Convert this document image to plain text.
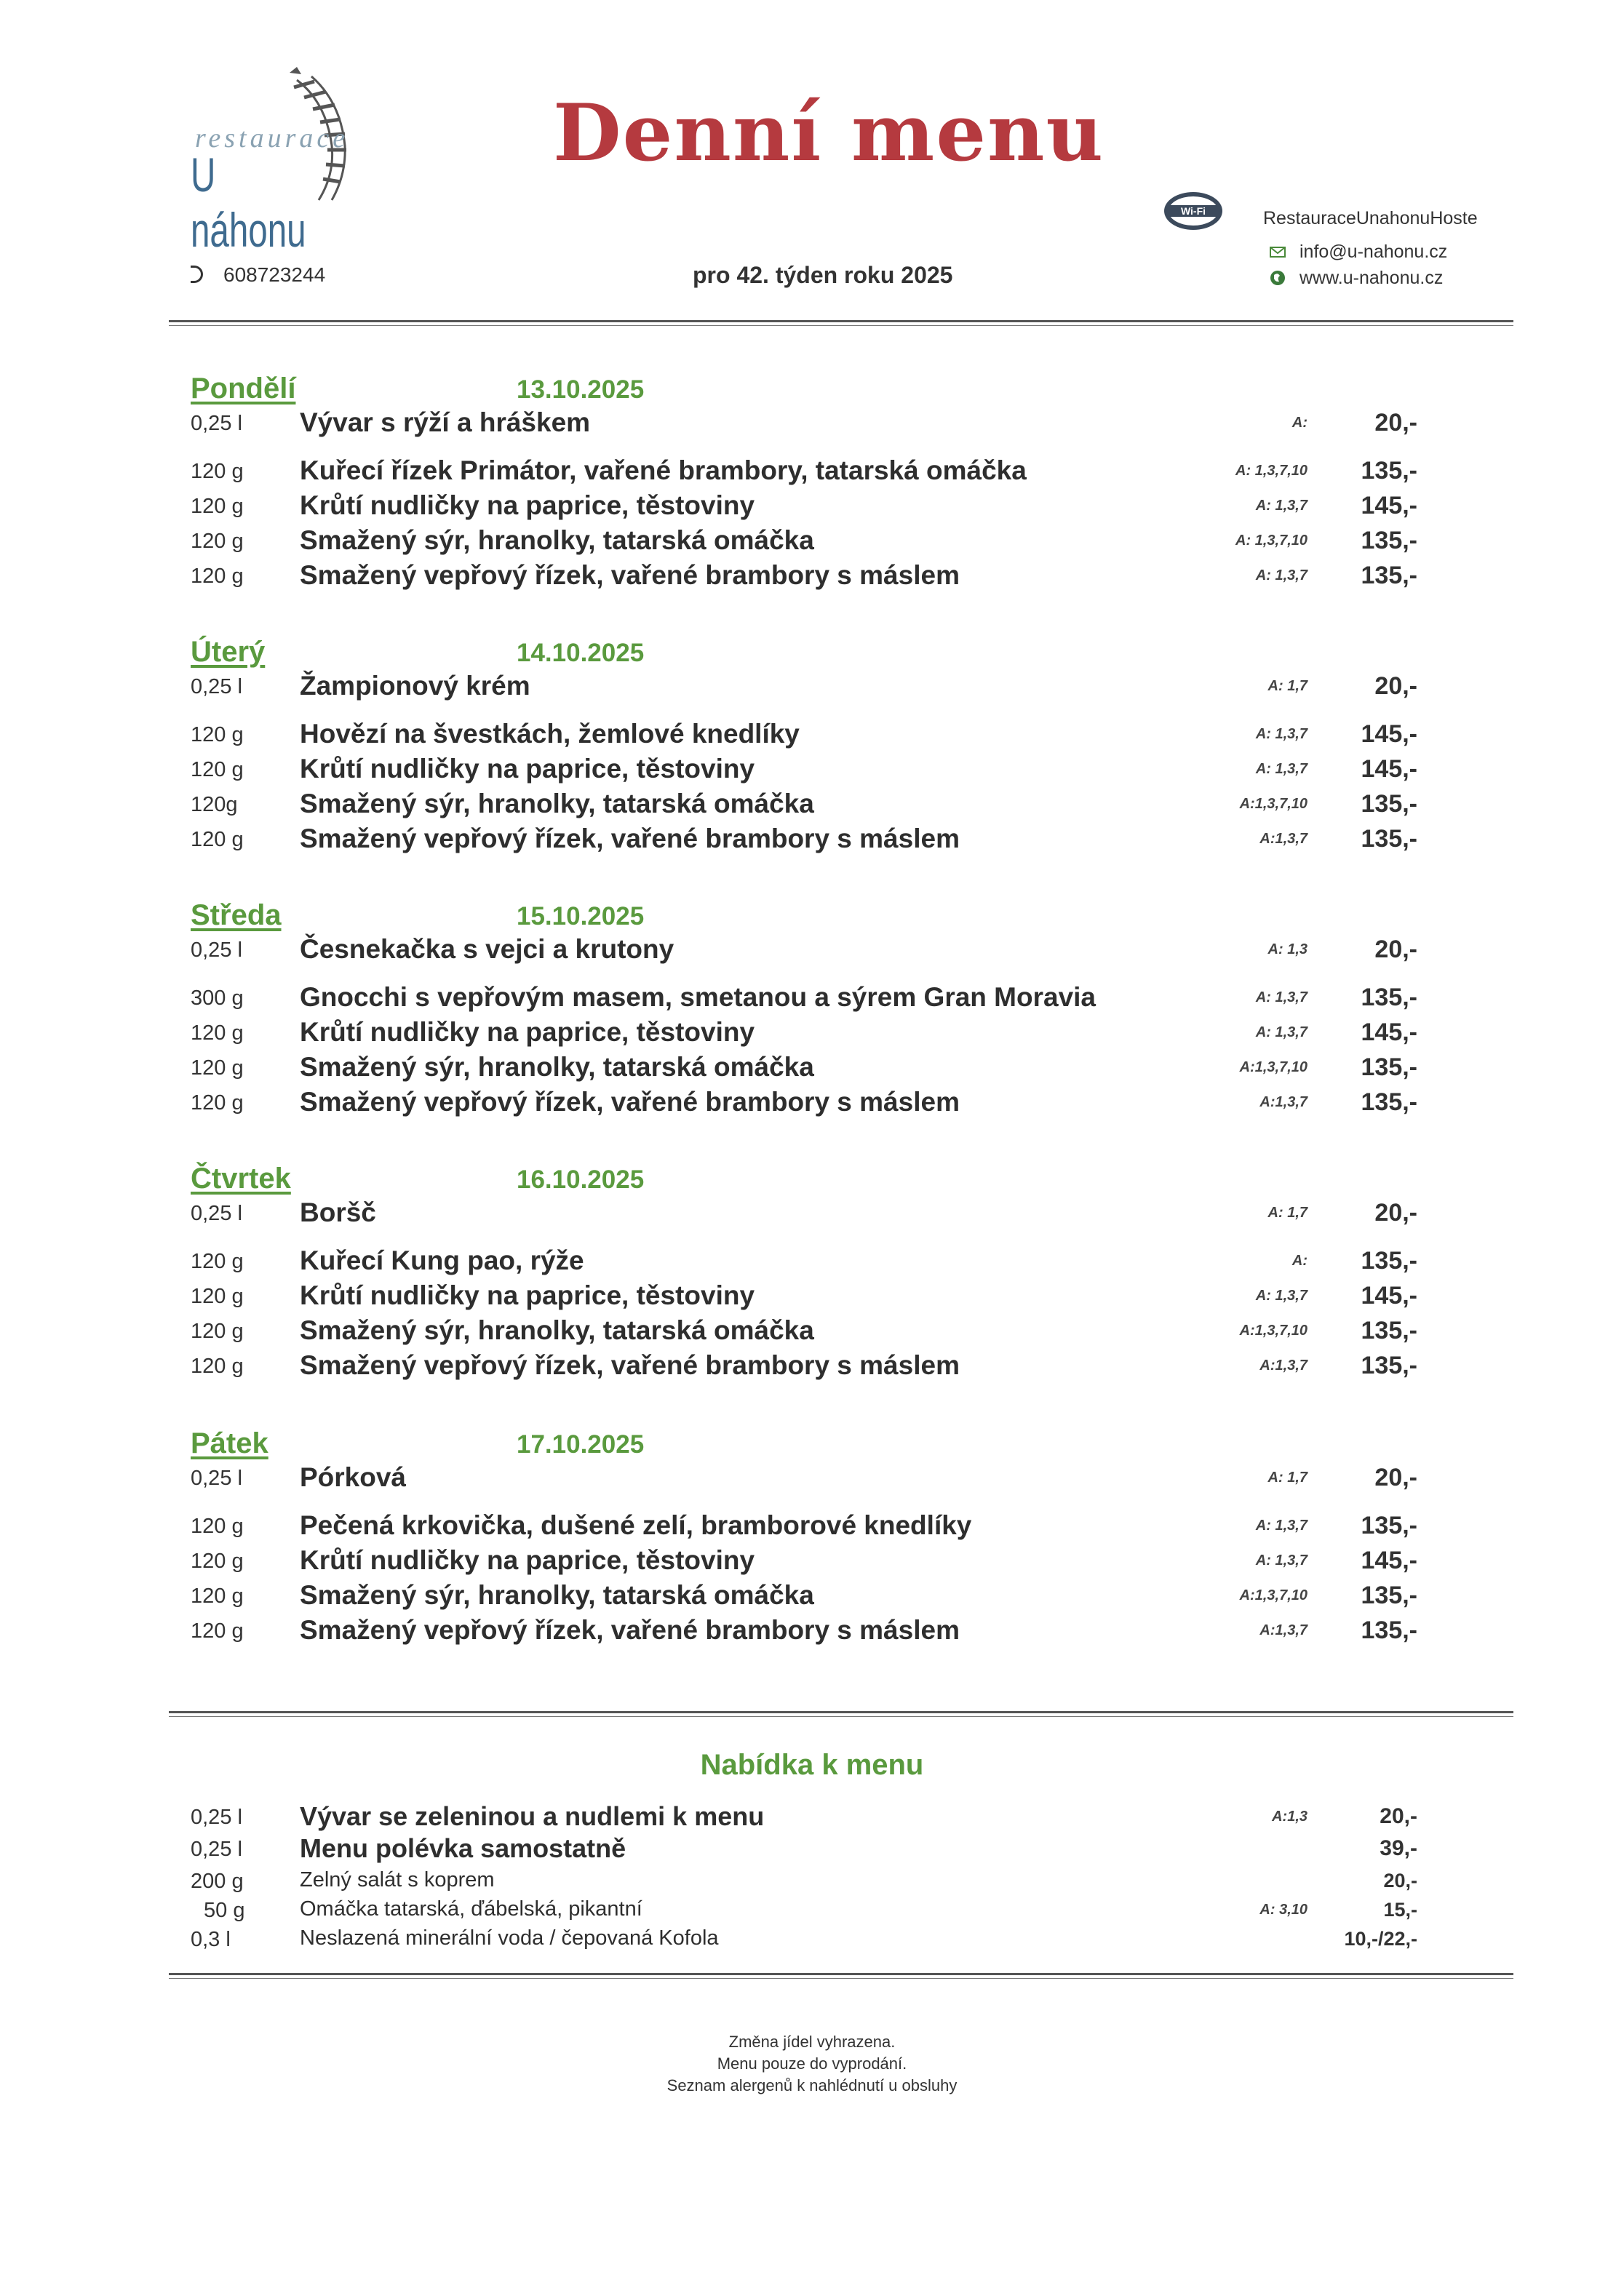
restaurace
U náhonu
Denní menu
608723244	pro 42. týden roku 2025
Wi-Fi	RestauraceUnahonuHoste
info@u-nahonu.cz
www.u-nahonu.cz
Pondělí	13.10.2025
0,25 l Vývar s rýží a hráškem	A:	20,-
120 g Kuřecí řízek Primátor, vařené brambory, tatarská omáčka	A: 1,3,7,10	135,-
120 g Krůtí nudličky na paprice, těstoviny	A: 1,3,7	145,-
120 g Smažený sýr, hranolky, tatarská omáčka	A: 1,3,7,10	135,-
120 g Smažený vepřový řízek, vařené brambory s máslem	A: 1,3,7	135,-
Úterý	14.10.2025
0,25 l Žampionový krém	A: 1,7	20,-
120 g Hovězí na švestkách, žemlové knedlíky	A: 1,3,7	145,-
120 g Krůtí nudličky na paprice, těstoviny	A: 1,3,7	145,-
120g Smažený sýr, hranolky, tatarská omáčka	A:1,3,7,10	135,-
120 g Smažený vepřový řízek, vařené brambory s máslem	A:1,3,7	135,-
Středa	15.10.2025
0,25 l Česnekačka s vejci a krutony	A: 1,3	20,-
300 g Gnocchi s vepřovým masem, smetanou a sýrem Gran Moravia	A: 1,3,7	135,-
120 g Krůtí nudličky na paprice, těstoviny	A: 1,3,7	145,-
120 g Smažený sýr, hranolky, tatarská omáčka	A:1,3,7,10	135,-
120 g Smažený vepřový řízek, vařené brambory s máslem	A:1,3,7	135,-
Čtvrtek	16.10.2025
0,25 l Boršč	A: 1,7	20,-
120 g Kuřecí Kung pao, rýže	A:	135,-
120 g Krůtí nudličky na paprice, těstoviny	A: 1,3,7	145,-
120 g Smažený sýr, hranolky, tatarská omáčka	A:1,3,7,10	135,-
120 g Smažený vepřový řízek, vařené brambory s máslem	A:1,3,7	135,-
Pátek	17.10.2025
0,25 l Pórková	A: 1,7	20,-
120 g Pečená krkovička, dušené zelí, bramborové knedlíky	A: 1,3,7	135,-
120 g Krůtí nudličky na paprice, těstoviny	A: 1,3,7	145,-
120 g Smažený sýr, hranolky, tatarská omáčka	A:1,3,7,10	135,-
120 g Smažený vepřový řízek, vařené brambory s máslem	A:1,3,7	135,-
Nabídka k menu
0,25 l Vývar se zeleninou a nudlemi k menu	A:1,3	20,-
0,25 l Menu polévka samostatně	39,-
200 g	Zelný salát s koprem	20,-
50 g	Omáčka tatarská, ďábelská, pikantní	A: 3,10	15,-
0,3 l	Neslazená minerální voda / čepovaná Kofola	10,-/22,-
Změna jídel vyhrazena.
Menu pouze do vyprodání.
Seznam alergenů k nahlédnutí u obsluhy
